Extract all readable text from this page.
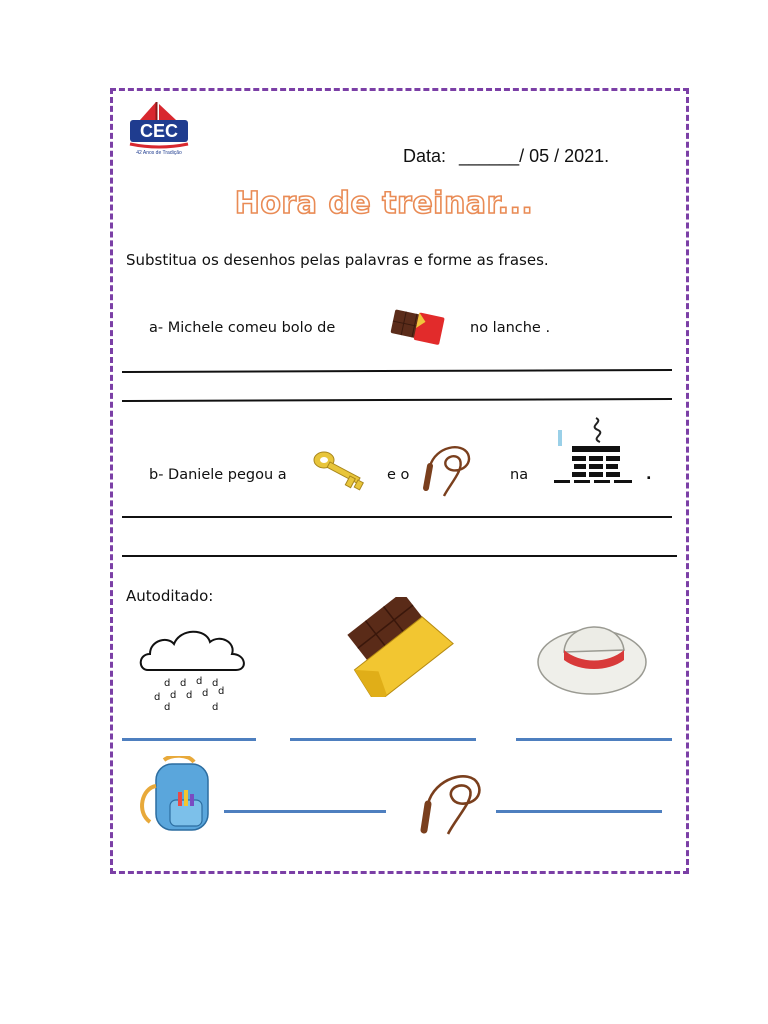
CEC
42 Anos de Tradição	Data: ______/ 05 / 2021.
Hora de treinar...
Substitua os desenhos pelas palavras e forme as frases.
a- Michele comeu bolo de	no lanche .
b- Daniele pegou a	e o	na	.
Autoditado:
d d d d
d d d d d
d	d
